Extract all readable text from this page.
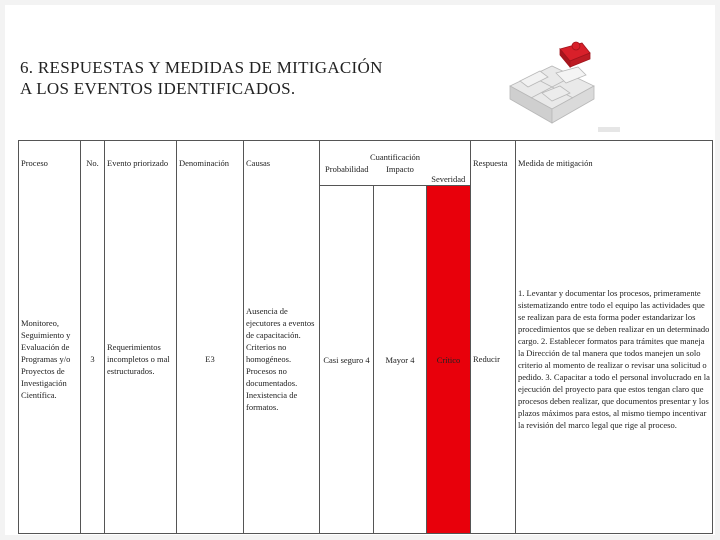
6. RESPUESTAS Y MEDIDAS DE MITIGACIÓN
A LOS EVENTOS IDENTIFICADOS.
Proceso	No.	Evento priorizado	Denominación	Causas	Cuantificación			Respuesta	Medida de mitigación
					Probabilidad	Impacto	Severidad		
Monitoreo, Seguimiento y Evaluación de Programas y/o Proyectos de Investigación Científica.	3	Requerimientos incompletos o mal estructurados.	E3	Ausencia de ejecutores a eventos de capacitación. Criterios no homogéneos. Procesos no documentados. Inexistencia de formatos.	Casi seguro 4	Mayor 4	Crítico	Reducir	1. Levantar y documentar los procesos, primeramente sistematizando entre todo el equipo las actividades que se realizan para de esta forma poder estandarizar los procedimientos que se deben realizar en un determinado cargo. 2. Establecer formatos para trámites que maneja la Dirección de tal manera que todos manejen un solo criterio al momento de realizar o revisar una solicitud o pedido. 3. Capacitar a todo el personal involucrado en la ejecución del proyecto para que estos tengan claro que procesos deben realizar, que documentos presentar y los plazos máximos para estos, al mismo tiempo incentivar la revisión del marco legal que rige al proceso.
